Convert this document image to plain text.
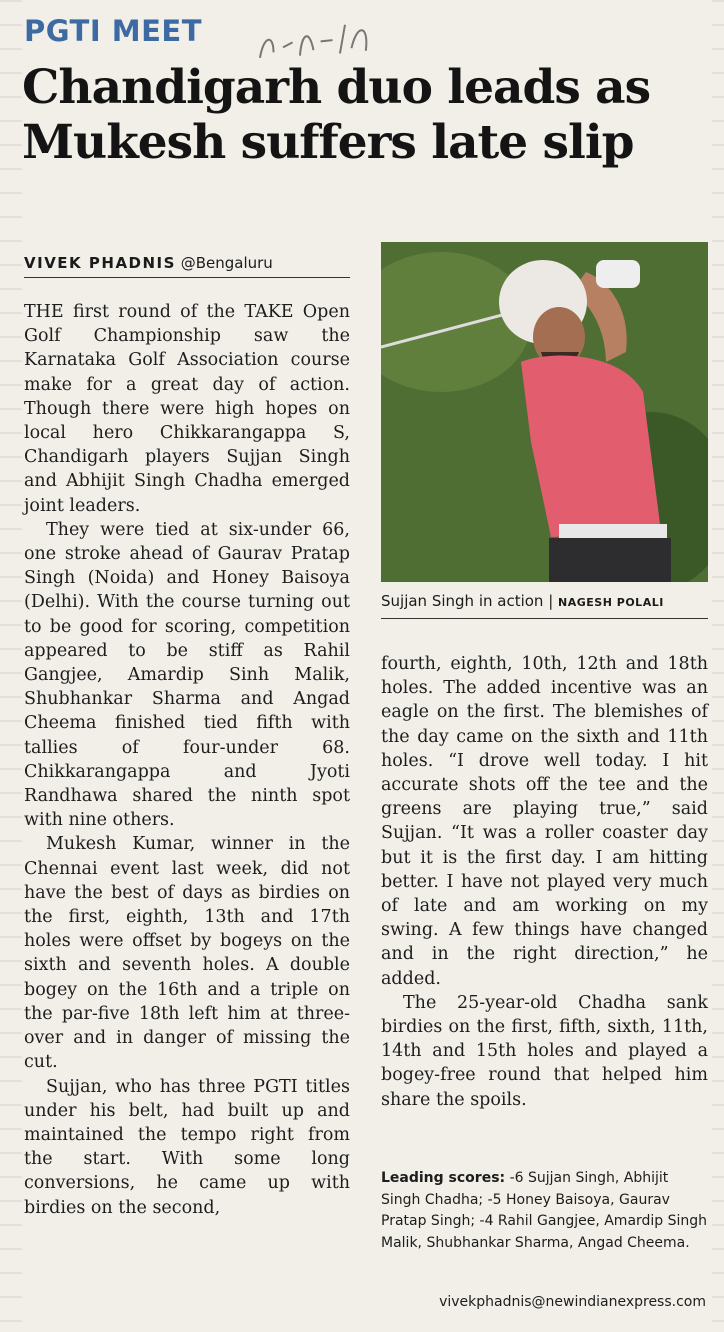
PGTI MEET
Chandigarh duo leads as Mukesh suffers late slip
VIVEK PHADNIS @Bengaluru

THE first round of the TAKE Open Golf Championship saw the Karnataka Golf Association course make for a great day of action. Though there were high hopes on local hero Chikkarangappa S, Chandigarh players Sujjan Singh and Abhijit Singh Chadha emerged joint leaders.

They were tied at six-under 66, one stroke ahead of Gaurav Pratap Singh (Noida) and Honey Baisoya (Delhi). With the course turning out to be good for scoring, competition appeared to be stiff as Rahil Gangjee, Amardip Sinh Malik, Shubhankar Sharma and Angad Cheema finished tied fifth with tallies of four-under 68. Chikkarangappa and Jyoti Randhawa shared the ninth spot with nine others.

Mukesh Kumar, winner in the Chennai event last week, did not have the best of days as birdies on the first, eighth, 13th and 17th holes were offset by bogeys on the sixth and seventh holes. A double bogey on the 16th and a triple on the par-five 18th left him at three-over and in danger of missing the cut.

Sujjan, who has three PGTI titles under his belt, had built up and maintained the tempo right from the start. With some long conversions, he came up with birdies on the second,

Sujjan Singh in action | NAGESH POLALI

fourth, eighth, 10th, 12th and 18th holes. The added incentive was an eagle on the first. The blemishes of the day came on the sixth and 11th holes. “I drove well today. I hit accurate shots off the tee and the greens are playing true,” said Sujjan. “It was a roller coaster day but it is the first day. I am hitting better. I have not played very much of late and am working on my swing. A few things have changed and in the right direction,” he added.

The 25-year-old Chadha sank birdies on the first, fifth, sixth, 11th, 14th and 15th holes and played a bogey-free round that helped him share the spoils.

Leading scores: -6 Sujjan Singh, Abhijit Singh Chadha; -5 Honey Baisoya, Gaurav Pratap Singh; -4 Rahil Gangjee, Amardip Singh Malik, Shubhankar Sharma, Angad Cheema.
vivekphadnis@newindianexpress.com
